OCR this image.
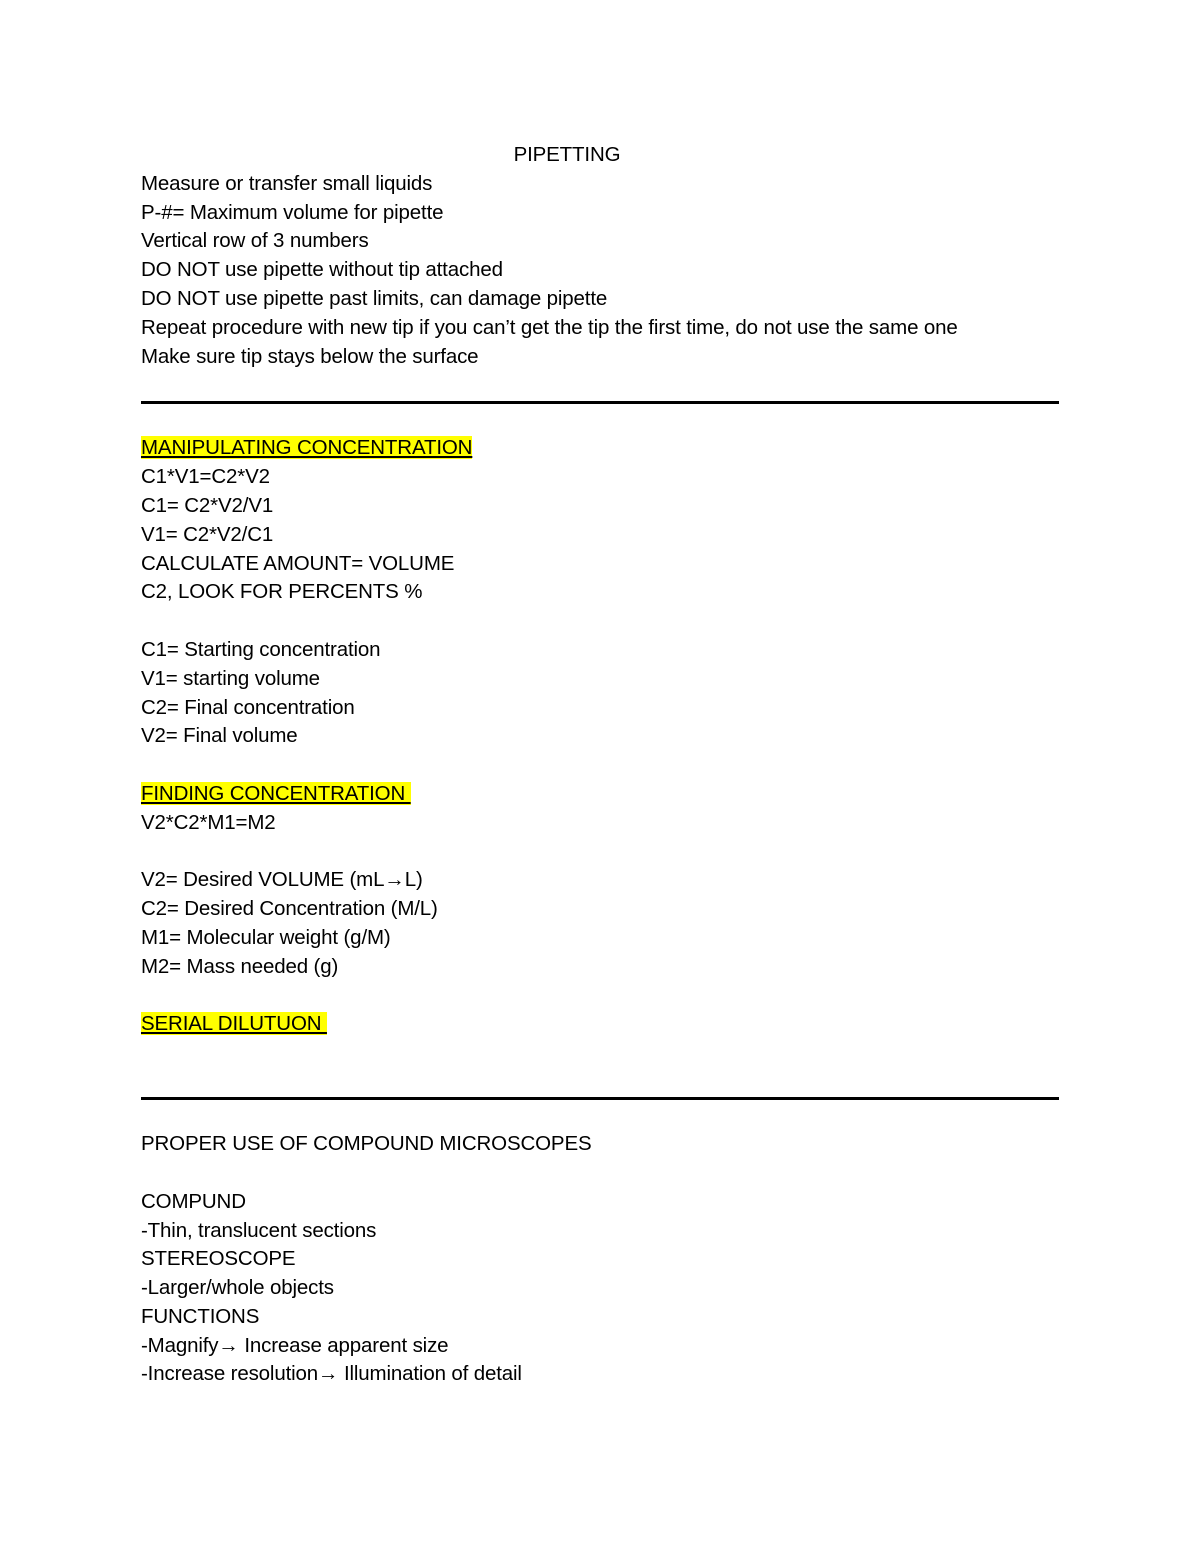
PIPETTING
Measure or transfer small liquids
P-#= Maximum volume for pipette
Vertical row of 3 numbers
DO NOT use pipette without tip attached
DO NOT use pipette past limits, can damage pipette
Repeat procedure with new tip if you can’t get the tip the first time, do not use the same one
Make sure tip stays below the surface
MANIPULATING CONCENTRATION
C1*V1=C2*V2
C1= C2*V2/V1
V1= C2*V2/C1
CALCULATE AMOUNT= VOLUME
C2, LOOK FOR PERCENTS %
C1= Starting concentration
V1= starting volume
C2= Final concentration
V2= Final volume
FINDING CONCENTRATION
V2*C2*M1=M2
V2= Desired VOLUME (mL→L)
C2= Desired Concentration (M/L)
M1= Molecular weight (g/M)
M2= Mass needed (g)
SERIAL DILUTUON
PROPER USE OF COMPOUND MICROSCOPES
COMPUND
-Thin, translucent sections
STEREOSCOPE
-Larger/whole objects
FUNCTIONS
-Magnify→ Increase apparent size
-Increase resolution→ Illumination of detail
